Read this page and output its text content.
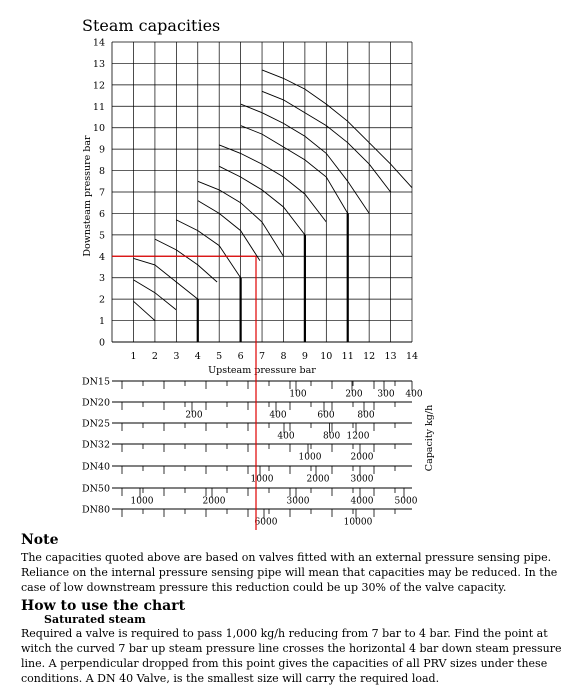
Steam capacities
0
1
2
3
4
5
6
7
8
9
10
11
12
13
14
1 2 3 4 5 6 7 8 9 10 11 12 13 14
Upsteam pressure bar
Downsteam pressure bar
DN15
100	200 300 400
DN20
200	400	600	800
DN25
400	800 1200
DN32
1000	2000
DN40
1000	2000 3000
DN50
1000	2000	3000	4000 5000
DN80
6000	10000
Capacity kg/h
Note
The capacities quoted above are based on valves fitted with an external pressure sensing pipe. Reliance on the internal pressure sensing pipe will mean that capacities may be reduced. In the case of low downstream pressure this reduction could be up 30% of the valve capacity.
How to use the chart
Saturated steam
Required a valve is required to pass 1,000 kg/h reducing from 7 bar to 4 bar. Find the point at witch the curved 7 bar up steam pressure line crosses the horizontal 4 bar down steam pressure line. A perpendicular dropped from this point gives the capacities of all PRV sizes under these conditions. A DN 40 Valve, is the smallest size will carry the required load.
